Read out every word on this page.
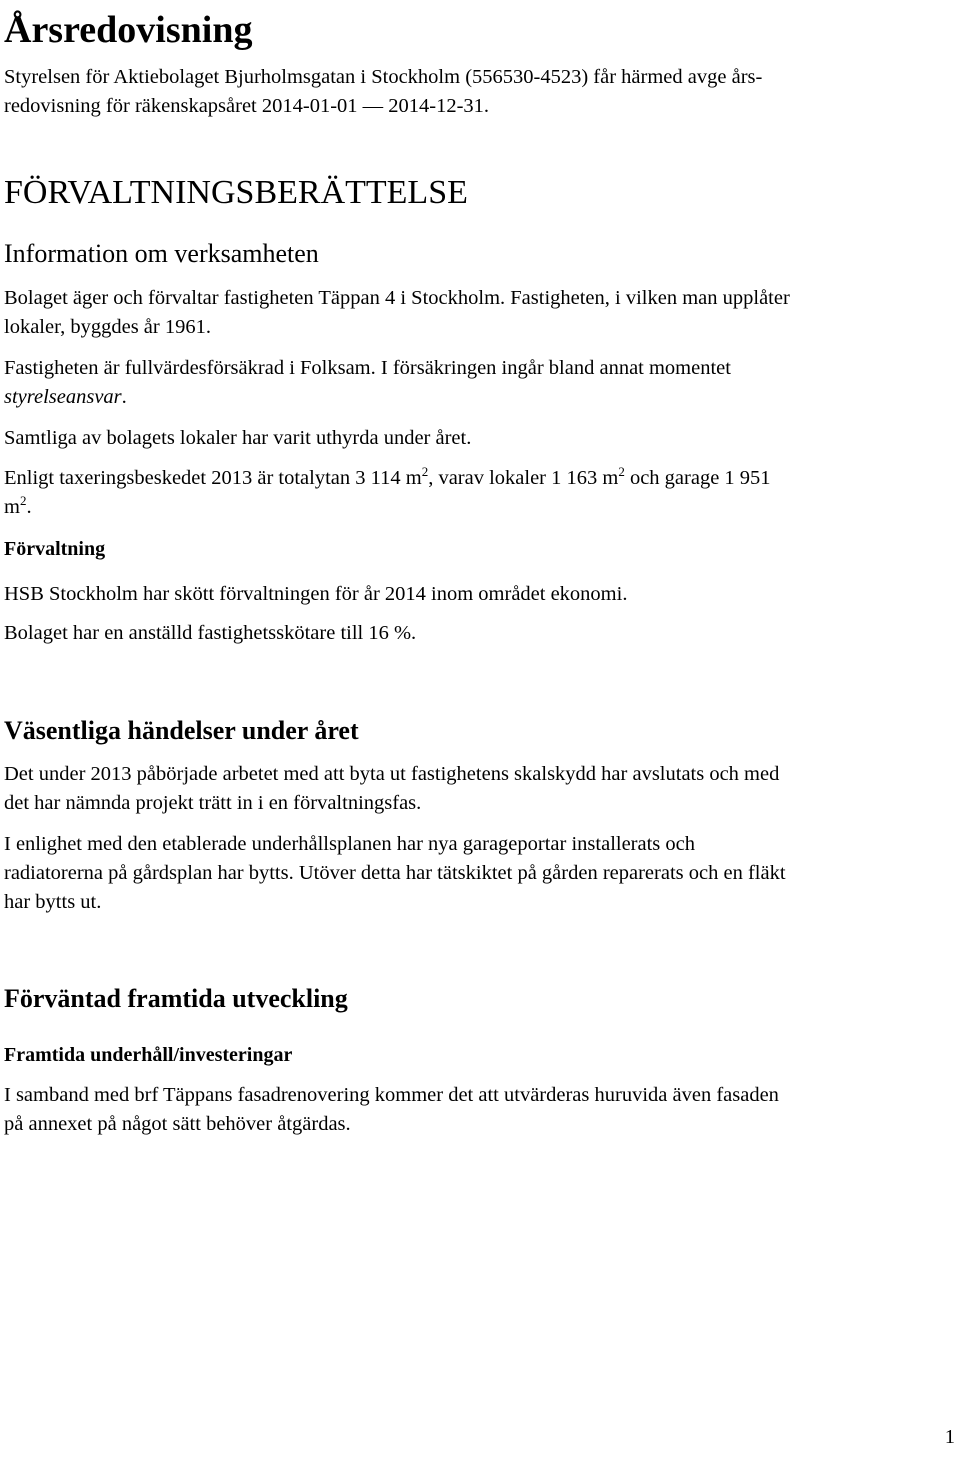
Årsredovisning

Styrelsen för Aktiebolaget Bjurholmsgatan i Stockholm (556530-4523) får härmed avge års-

redovisning för räkenskapsåret 2014-01-01 — 2014-12-31.

FÖRVALTNINGSBERÄTTELSE
Information om verksamheten

Bolaget äger och förvaltar fastigheten Täppan 4 i Stockholm. Fastigheten, i vilken man upplåter

lokaler, byggdes år 1961.

Fastigheten är fullvärdesförsäkrad i Folksam. I försäkringen ingår bland annat momentet

styrelseansvar.

Samtliga av bolagets lokaler har varit uthyrda under året.

Enligt taxeringsbeskedet 2013 är totalytan 3 114 $m^2$, varav lokaler 1 163 $m^2$ och garage 1 951

$m^2$.

Förvaltning

HSB Stockholm har skött förvaltningen för år 2014 inom området ekonomi.

Bolaget har en anställd fastighetsskötare till 16 %.

Väsentliga händelser under året

Det under 2013 påbörjade arbetet med att byta ut fastighetens skalskydd har avslutats och med

det har nämnda projekt trätt in i en förvaltningsfas.

I enlighet med den etablerade underhållsplanen har nya garageportar installerats och

radiatorerna på gårdsplan har bytts. Utöver detta har tätskiktet på gården reparerats och en fläkt

har bytts ut.

Förväntad framtida utveckling
Framtida underhåll/investeringar

I samband med brf Täppans fasadrenovering kommer det att utvärderas huruvida även fasaden

på annexet på något sätt behöver åtgärdas.

1
